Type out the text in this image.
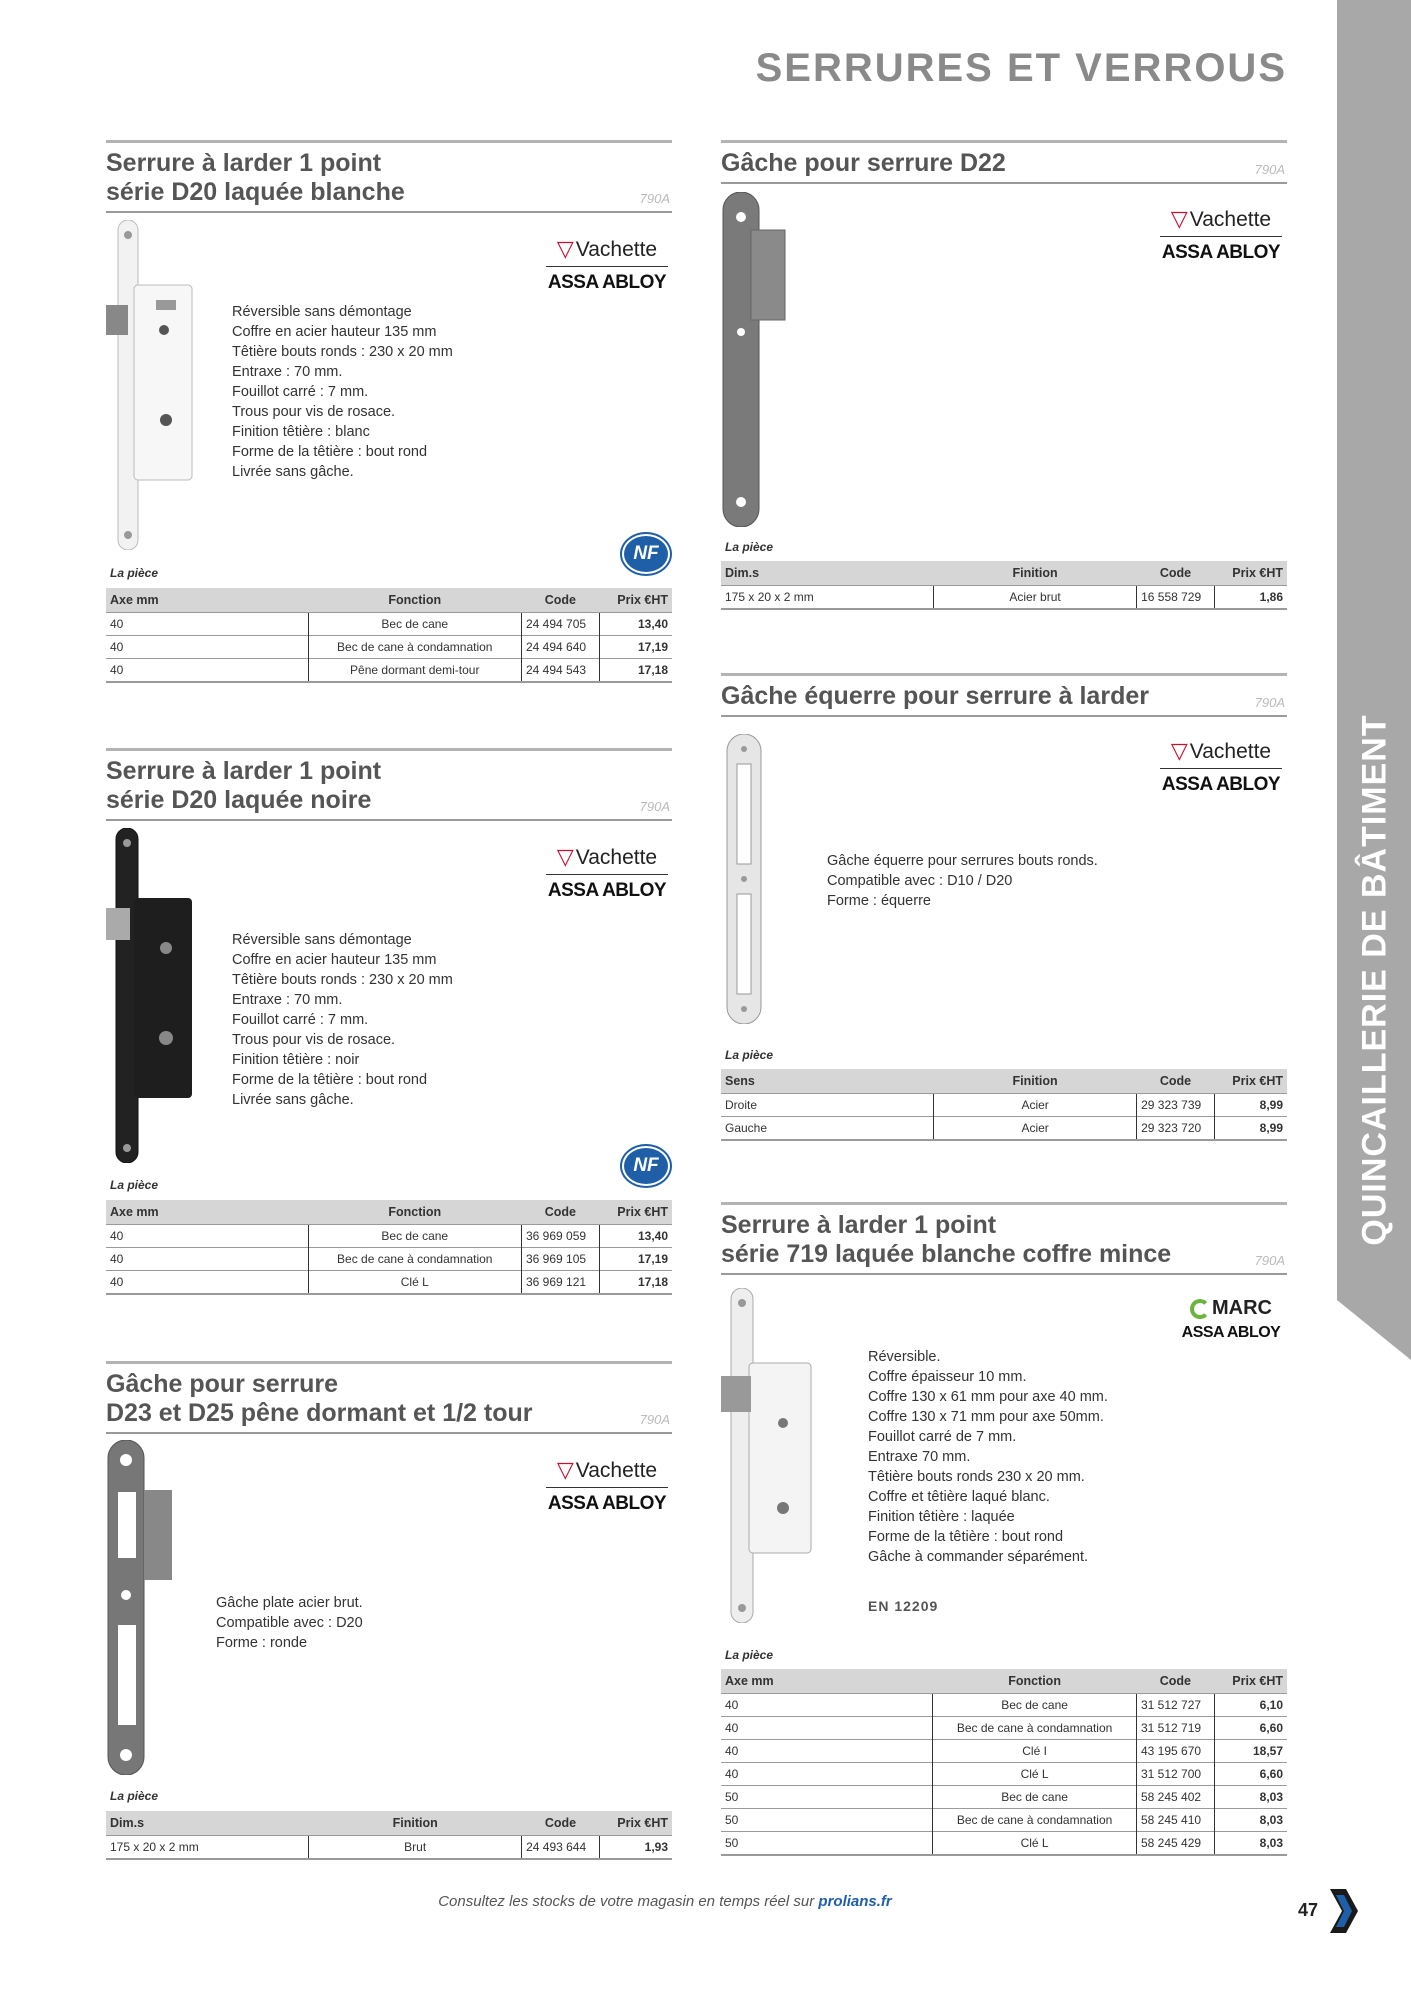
QUINCAILLERIE DE BÂTIMENT
SERRURES ET VERROUS
Serrure à larder 1 point
série D20 laquée blanche	790A
▽Vachette
ASSA ABLOY
Réversible sans démontage
Coffre en acier hauteur 135 mm
Têtière bouts ronds : 230 x 20 mm
Entraxe : 70 mm.
Fouillot carré : 7 mm.
Trous pour vis de rosace.
Finition têtière : blanc
Forme de la têtière : bout rond
Livrée sans gâche.
NF
La pièce
Axe mm	Fonction	Code	Prix €HT
40	Bec de cane	24 494 705	13,40
40	Bec de cane à condamnation	24 494 640	17,19
40	Pêne dormant demi-tour	24 494 543	17,18
Serrure à larder 1 point
série D20 laquée noire	790A
▽Vachette
ASSA ABLOY
Réversible sans démontage
Coffre en acier hauteur 135 mm
Têtière bouts ronds : 230 x 20 mm
Entraxe : 70 mm.
Fouillot carré : 7 mm.
Trous pour vis de rosace.
Finition têtière : noir
Forme de la têtière : bout rond
Livrée sans gâche.
NF
La pièce
Axe mm	Fonction	Code	Prix €HT
40	Bec de cane	36 969 059	13,40
40	Bec de cane à condamnation	36 969 105	17,19
40	Clé L	36 969 121	17,18
Gâche pour serrure
D23 et D25 pêne dormant et 1/2 tour	790A
▽Vachette
ASSA ABLOY
Gâche plate acier brut.
Compatible avec : D20
Forme : ronde
La pièce
Dim.s	Finition	Code	Prix €HT
175 x 20 x 2 mm	Brut	24 493 644	1,93
Gâche pour serrure D22	790A
▽Vachette
ASSA ABLOY
La pièce
Dim.s	Finition	Code	Prix €HT
175 x 20 x 2 mm	Acier brut	16 558 729	1,86
Gâche équerre pour serrure à larder	790A
▽Vachette
ASSA ABLOY
Gâche équerre pour serrures bouts ronds.
Compatible avec : D10 / D20
Forme : équerre
La pièce
Sens	Finition	Code	Prix €HT
Droite	Acier	29 323 739	8,99
Gauche	Acier	29 323 720	8,99
Serrure à larder 1 point
série 719 laquée blanche coffre mince	790A
MARC
ASSA ABLOY
Réversible.
Coffre épaisseur 10 mm.
Coffre 130 x 61 mm pour axe 40 mm.
Coffre 130 x 71 mm pour axe 50mm.
Fouillot carré de 7 mm.
Entraxe 70 mm.
Têtière bouts ronds 230 x 20 mm.
Coffre et têtière laqué blanc.
Finition têtière : laquée
Forme de la têtière : bout rond
Gâche à commander séparément.
EN 12209
La pièce
Axe mm	Fonction	Code	Prix €HT
40	Bec de cane	31 512 727	6,10
40	Bec de cane à condamnation	31 512 719	6,60
40	Clé I	43 195 670	18,57
40	Clé L	31 512 700	6,60
50	Bec de cane	58 245 402	8,03
50	Bec de cane à condamnation	58 245 410	8,03
50	Clé L	58 245 429	8,03
Consultez les stocks de votre magasin en temps réel sur prolians.fr	47
